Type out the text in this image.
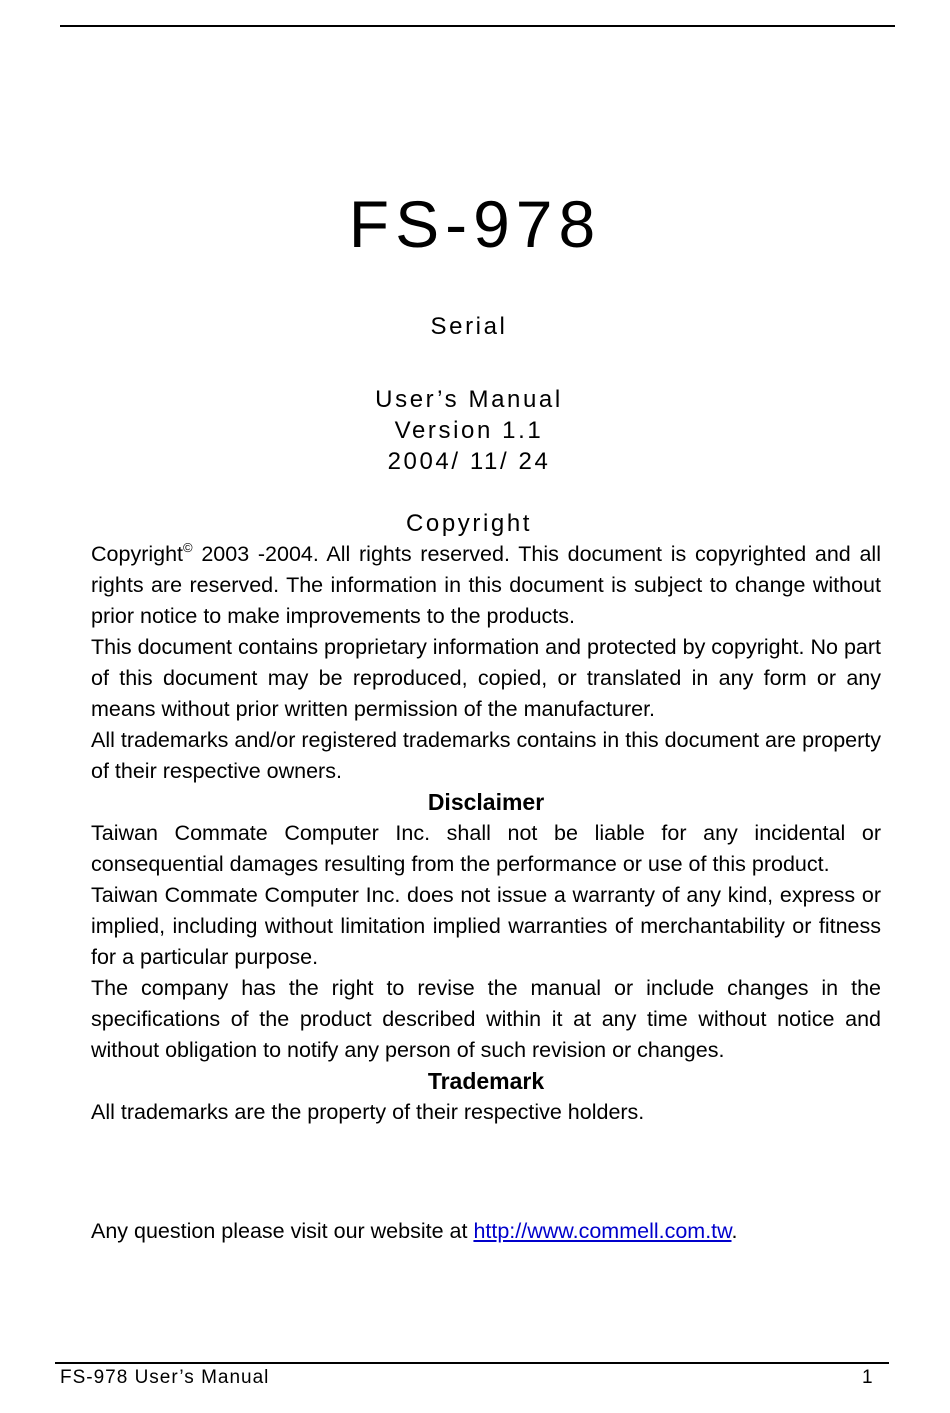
FS-978
Serial
User’s Manual
Version 1.1
2004/ 11/ 24
Copyright

Copyright© 2003 -2004. All rights reserved. This document is copyrighted and all rights are reserved. The information in this document is subject to change without prior notice to make improvements to the products.

This document contains proprietary information and protected by copyright. No part of this document may be reproduced, copied, or translated in any form or any means without prior written permission of the manufacturer.

All trademarks and/or registered trademarks contains in this document are property of their respective owners.

Disclaimer

Taiwan Commate Computer Inc. shall not be liable for any incidental or consequential damages resulting from the performance or use of this product.

Taiwan Commate Computer Inc. does not issue a warranty of any kind, express or implied, including without limitation implied warranties of merchantability or fitness for a particular purpose.

The company has the right to revise the manual or include changes in the specifications of the product described within it at any time without notice and without obligation to notify any person of such revision or changes.

Trademark

All trademarks are the property of their respective holders.

Any question please visit our website at http://www.commell.com.tw.
FS-978 User’s Manual	1
